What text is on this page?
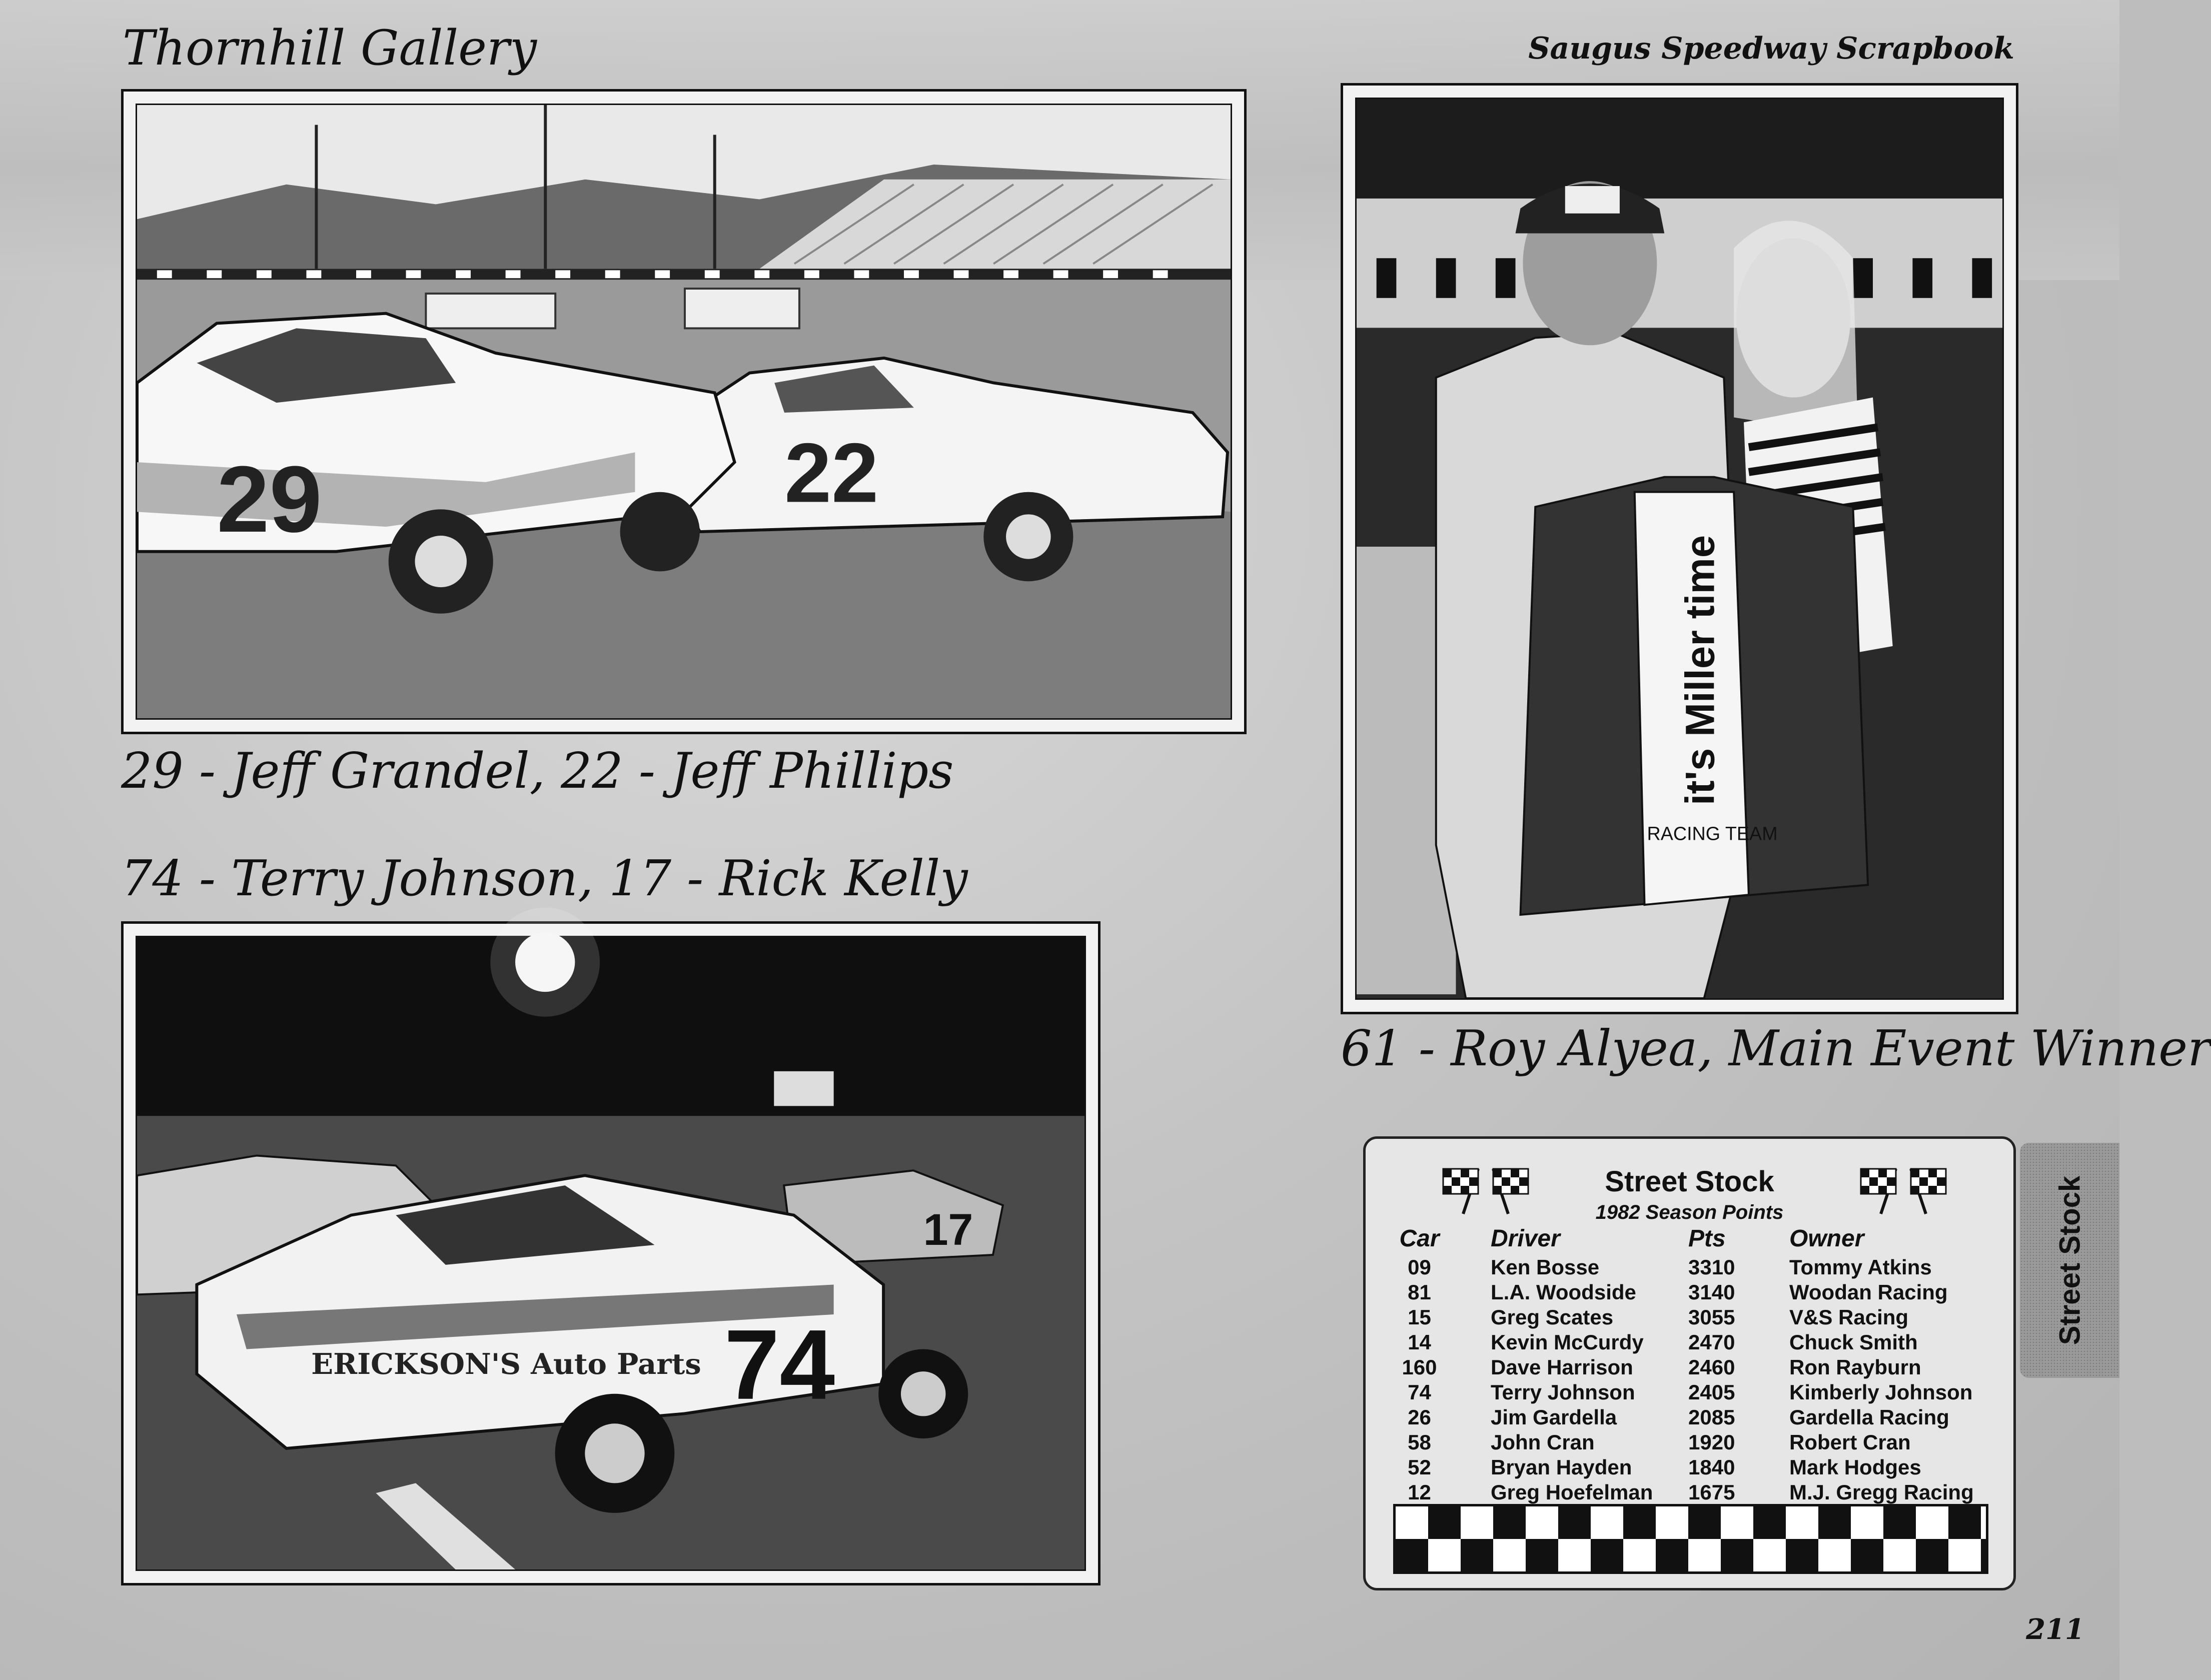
Thornhill Gallery	Saugus Speedway Scrapbook
22
29
29 - Jeff Grandel, 22 - Jeff Phillips	it's Miller time
RACING TEAM
61 - Roy Alyea, Main Event Winner
74 - Terry Johnson, 17 - Rick Kelly
17
ERICKSON'S Auto Parts 74
Street Stock
1982 Season Points
Car	Driver	Pts	Owner
09	Ken Bosse	3310	Tommy Atkins
81	L.A. Woodside 3140	Woodan Racing
15	Greg Scates	3055	V&S Racing
14	Kevin McCurdy 2470	Chuck Smith
160	Dave Harrison	2460	Ron Rayburn
74	Terry Johnson	2405	Kimberly Johnson
26	Jim Gardella	2085	Gardella Racing
58	John Cran	1920	Robert Cran
52	Bryan Hayden	1840	Mark Hodges
12	Greg Hoefelman 1675	M.J. Gregg Racing
Street Stock
211
